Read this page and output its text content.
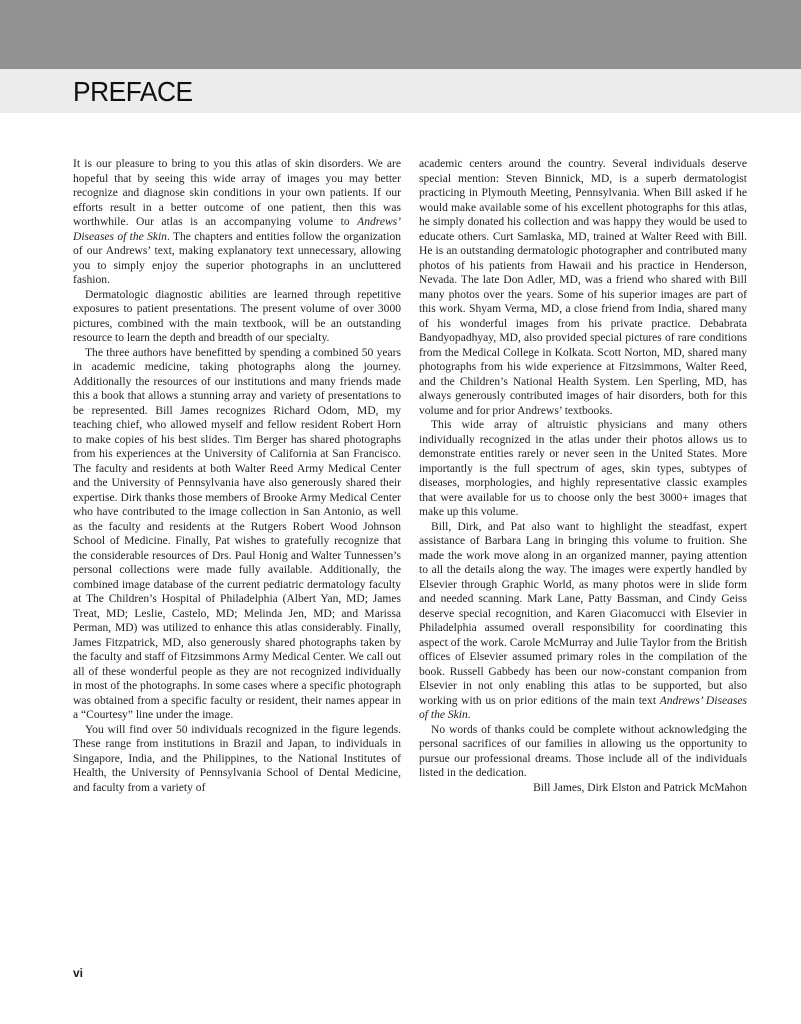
PREFACE

It is our pleasure to bring to you this atlas of skin disorders. We are hopeful that by seeing this wide array of images you may better recognize and diagnose skin conditions in your own patients. If our efforts result in a better outcome of one patient, then this was worthwhile. Our atlas is an accompanying volume to Andrews’ Diseases of the Skin. The chapters and entities follow the organization of our Andrews’ text, making explanatory text unnecessary, allowing you to simply enjoy the superior photographs in an uncluttered fashion.

Dermatologic diagnostic abilities are learned through repetitive exposures to patient presentations. The present volume of over 3000 pictures, combined with the main textbook, will be an outstanding resource to learn the depth and breadth of our specialty.

The three authors have benefitted by spending a combined 50 years in academic medicine, taking photographs along the journey. Additionally the resources of our institutions and many friends made this a book that allows a stunning array and variety of presentations to be represented. Bill James recognizes Richard Odom, MD, my teaching chief, who allowed myself and fellow resident Robert Horn to make copies of his best slides. Tim Berger has shared photographs from his experiences at the University of California at San Francisco. The faculty and residents at both Walter Reed Army Medical Center and the University of Pennsylvania have also generously shared their expertise. Dirk thanks those members of Brooke Army Medical Center who have contributed to the image collection in San Antonio, as well as the faculty and residents at the Rutgers Robert Wood Johnson School of Medicine. Finally, Pat wishes to gratefully recognize that the considerable resources of Drs. Paul Honig and Walter Tunnessen’s personal collections were made fully available. Additionally, the combined image database of the current pediatric dermatology faculty at The Children’s Hospital of Philadelphia (Albert Yan, MD; James Treat, MD; Leslie, Castelo, MD; Melinda Jen, MD; and Marissa Perman, MD) was utilized to enhance this atlas considerably. Finally, James Fitzpatrick, MD, also generously shared photographs taken by the faculty and staff of Fitzsimmons Army Medical Center. We call out all of these wonderful people as they are not recognized individually in most of the photographs. In some cases where a specific photograph was obtained from a specific faculty or resident, their names appear in a “Courtesy” line under the image.

You will find over 50 individuals recognized in the figure legends. These range from institutions in Brazil and Japan, to individuals in Singapore, India, and the Philippines, to the National Institutes of Health, the University of Pennsylvania School of Dental Medicine, and faculty from a variety of

academic centers around the country. Several individuals deserve special mention: Steven Binnick, MD, is a superb dermatologist practicing in Plymouth Meeting, Pennsylvania. When Bill asked if he would make available some of his excellent photographs for this atlas, he simply donated his collection and was happy they would be used to educate others. Curt Samlaska, MD, trained at Walter Reed with Bill. He is an outstanding dermatologic photographer and contributed many photos of his patients from Hawaii and his practice in Henderson, Nevada. The late Don Adler, MD, was a friend who shared with Bill many photos over the years. Some of his superior images are part of this work. Shyam Verma, MD, a close friend from India, shared many of his wonderful images from his private practice. Debabrata Bandyopadhyay, MD, also provided special pictures of rare conditions from the Medical College in Kolkata. Scott Norton, MD, shared many photographs from his wide experience at Fitzsimmons, Walter Reed, and the Children’s National Health System. Len Sperling, MD, has always generously contributed images of hair disorders, both for this volume and for prior Andrews’ textbooks.

This wide array of altruistic physicians and many others individually recognized in the atlas under their photos allows us to demonstrate entities rarely or never seen in the United States. More importantly is the full spectrum of ages, skin types, subtypes of diseases, morphologies, and highly representative classic examples that were available for us to choose only the best 3000+ images that make up this volume.

Bill, Dirk, and Pat also want to highlight the steadfast, expert assistance of Barbara Lang in bringing this volume to fruition. She made the work move along in an organized manner, paying attention to all the details along the way. The images were expertly handled by Elsevier through Graphic World, as many photos were in slide form and needed scanning. Mark Lane, Patty Bassman, and Cindy Geiss deserve special recognition, and Karen Giacomucci with Elsevier in Philadelphia assumed overall responsibility for coordinating this aspect of the work. Carole McMurray and Julie Taylor from the British offices of Elsevier assumed primary roles in the compilation of the book. Russell Gabbedy has been our now-constant companion from Elsevier in not only enabling this atlas to be supported, but also working with us on prior editions of the main text Andrews’ Diseases of the Skin.

No words of thanks could be complete without acknowledging the personal sacrifices of our families in allowing us the opportunity to pursue our professional dreams. Those include all of the individuals listed in the dedication.

Bill James, Dirk Elston and Patrick McMahon

vi
